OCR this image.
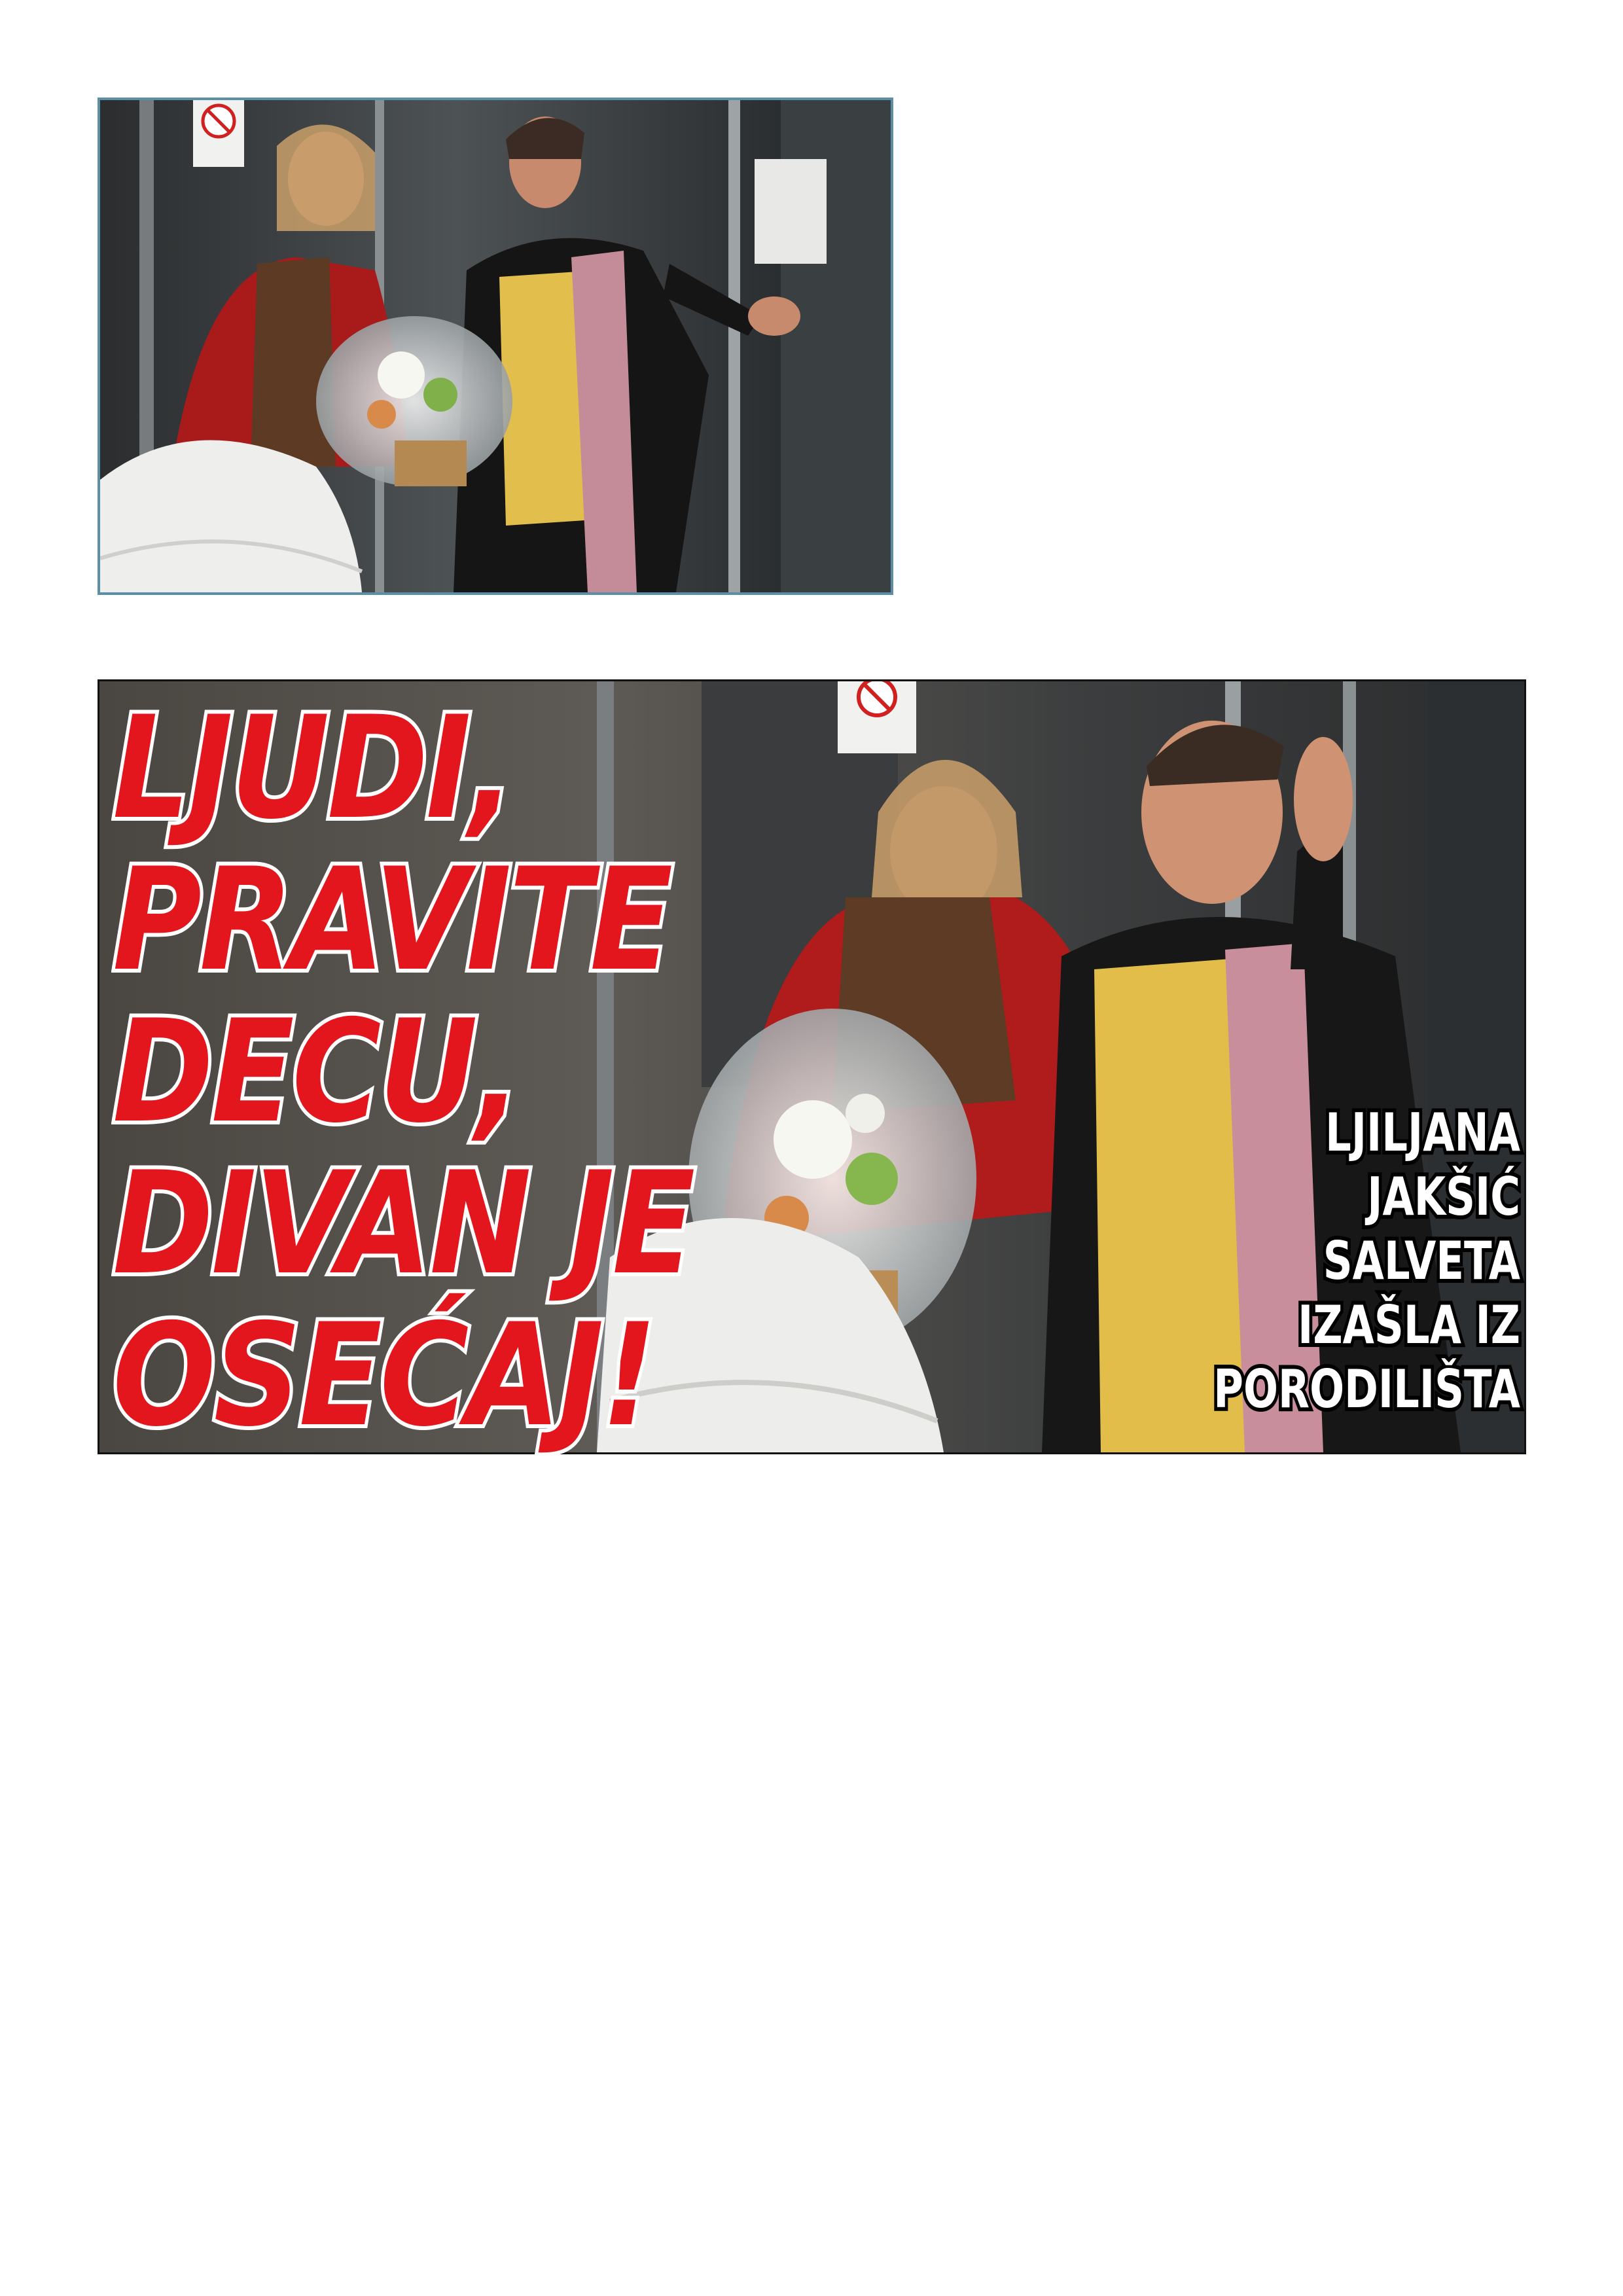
LJUDI,
PRAVITE
DECU,
DIVAN JE
OSEĆAJ!

LJILJANA
JAKŠIĆ
SALVETA
IZAŠLA IZ
PORODILIŠTA
